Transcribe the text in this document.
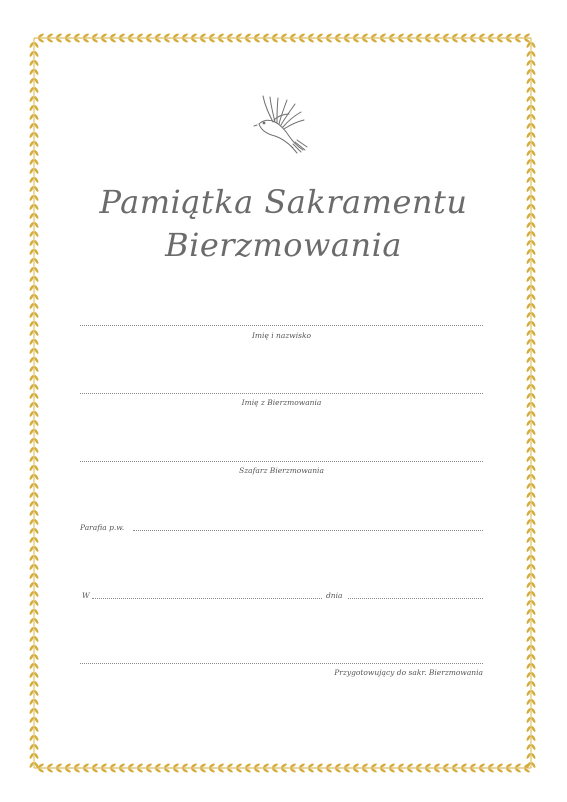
Pamiątka Sakramentu
Bierzmowania
Imię i nazwisko
Imię z Bierzmowania
Szafarz Bierzmowania
Parafia p.w.
W	dnia
Przygotowujący do sakr. Bierzmowania
